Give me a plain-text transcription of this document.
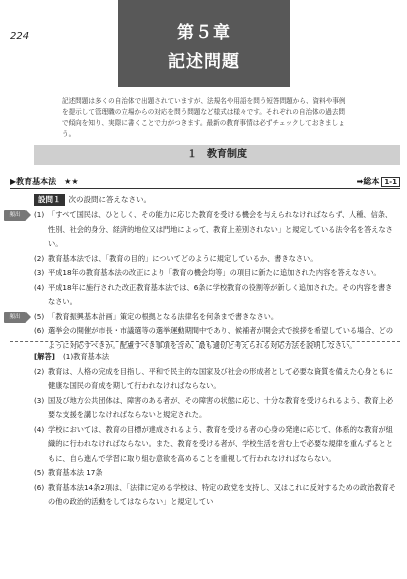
224	第５章
記述問題

記述問題は多くの自治体で出題されていますが、法規名や用語を問う短答問題から、資料や事例を提示して管理職の立場からの対応を問う問題など様式は様々です。それぞれの自治体の過去問で傾向を知り、実際に書くことで力がつきます。最新の教育事情は必ずチェックしておきましょう。

１　教育制度
▶教育基本法　★★	➡総本 1-1
設問１ 次の設問に答えなさい。
頻出
頻出
(1) 「すべて国民は、ひとしく、その能力に応じた教育を受ける機会を与えられなければならず、人種、信条、性別、社会的身分、経済的地位又は門地によって、教育上差別されない」と規定している法令名を答えなさい。
(2) 教育基本法では、「教育の目的」についてどのように規定しているか、書きなさい。
(3) 平成18年の教育基本法の改正により「教育の機会均等」の項目に新たに追加された内容を答えなさい。
(4) 平成18年に施行された改正教育基本法では、6条に学校教育の役割等が新しく追加された。その内容を書きなさい。
(5) 「教育振興基本計画」策定の根拠となる法律名を何条まで書きなさい。
(6) 選挙会の開催が市長・市議選等の選挙運動期間中であり、候補者が開会式で挨拶を希望している場合、どのように対応すべきか。配慮すべき事項を含め、最も適切と考えられる対応方法を説明しなさい。
[解答] (1)教育基本法
(2) 教育は、人格の完成を目指し、平和で民主的な国家及び社会の形成者として必要な資質を備えた心身ともに健康な国民の育成を期して行われなければならない。
(3) 国及び地方公共団体は、障害のある者が、その障害の状態に応じ、十分な教育を受けられるよう、教育上必要な支援を講じなければならないと規定された。
(4) 学校においては、教育の目標が達成されるよう、教育を受ける者の心身の発達に応じて、体系的な教育が組織的に行われなければならない。また、教育を受ける者が、学校生活を営む上で必要な規律を重んずるとともに、自ら進んで学習に取り組む意欲を高めることを重視して行われなければならない。
(5) 教育基本法 17条
(6) 教育基本法14条2項は、「法律に定める学校は、特定の政党を支持し、又はこれに反対するための政治教育その他の政治的活動をしてはならない」と規定してい
